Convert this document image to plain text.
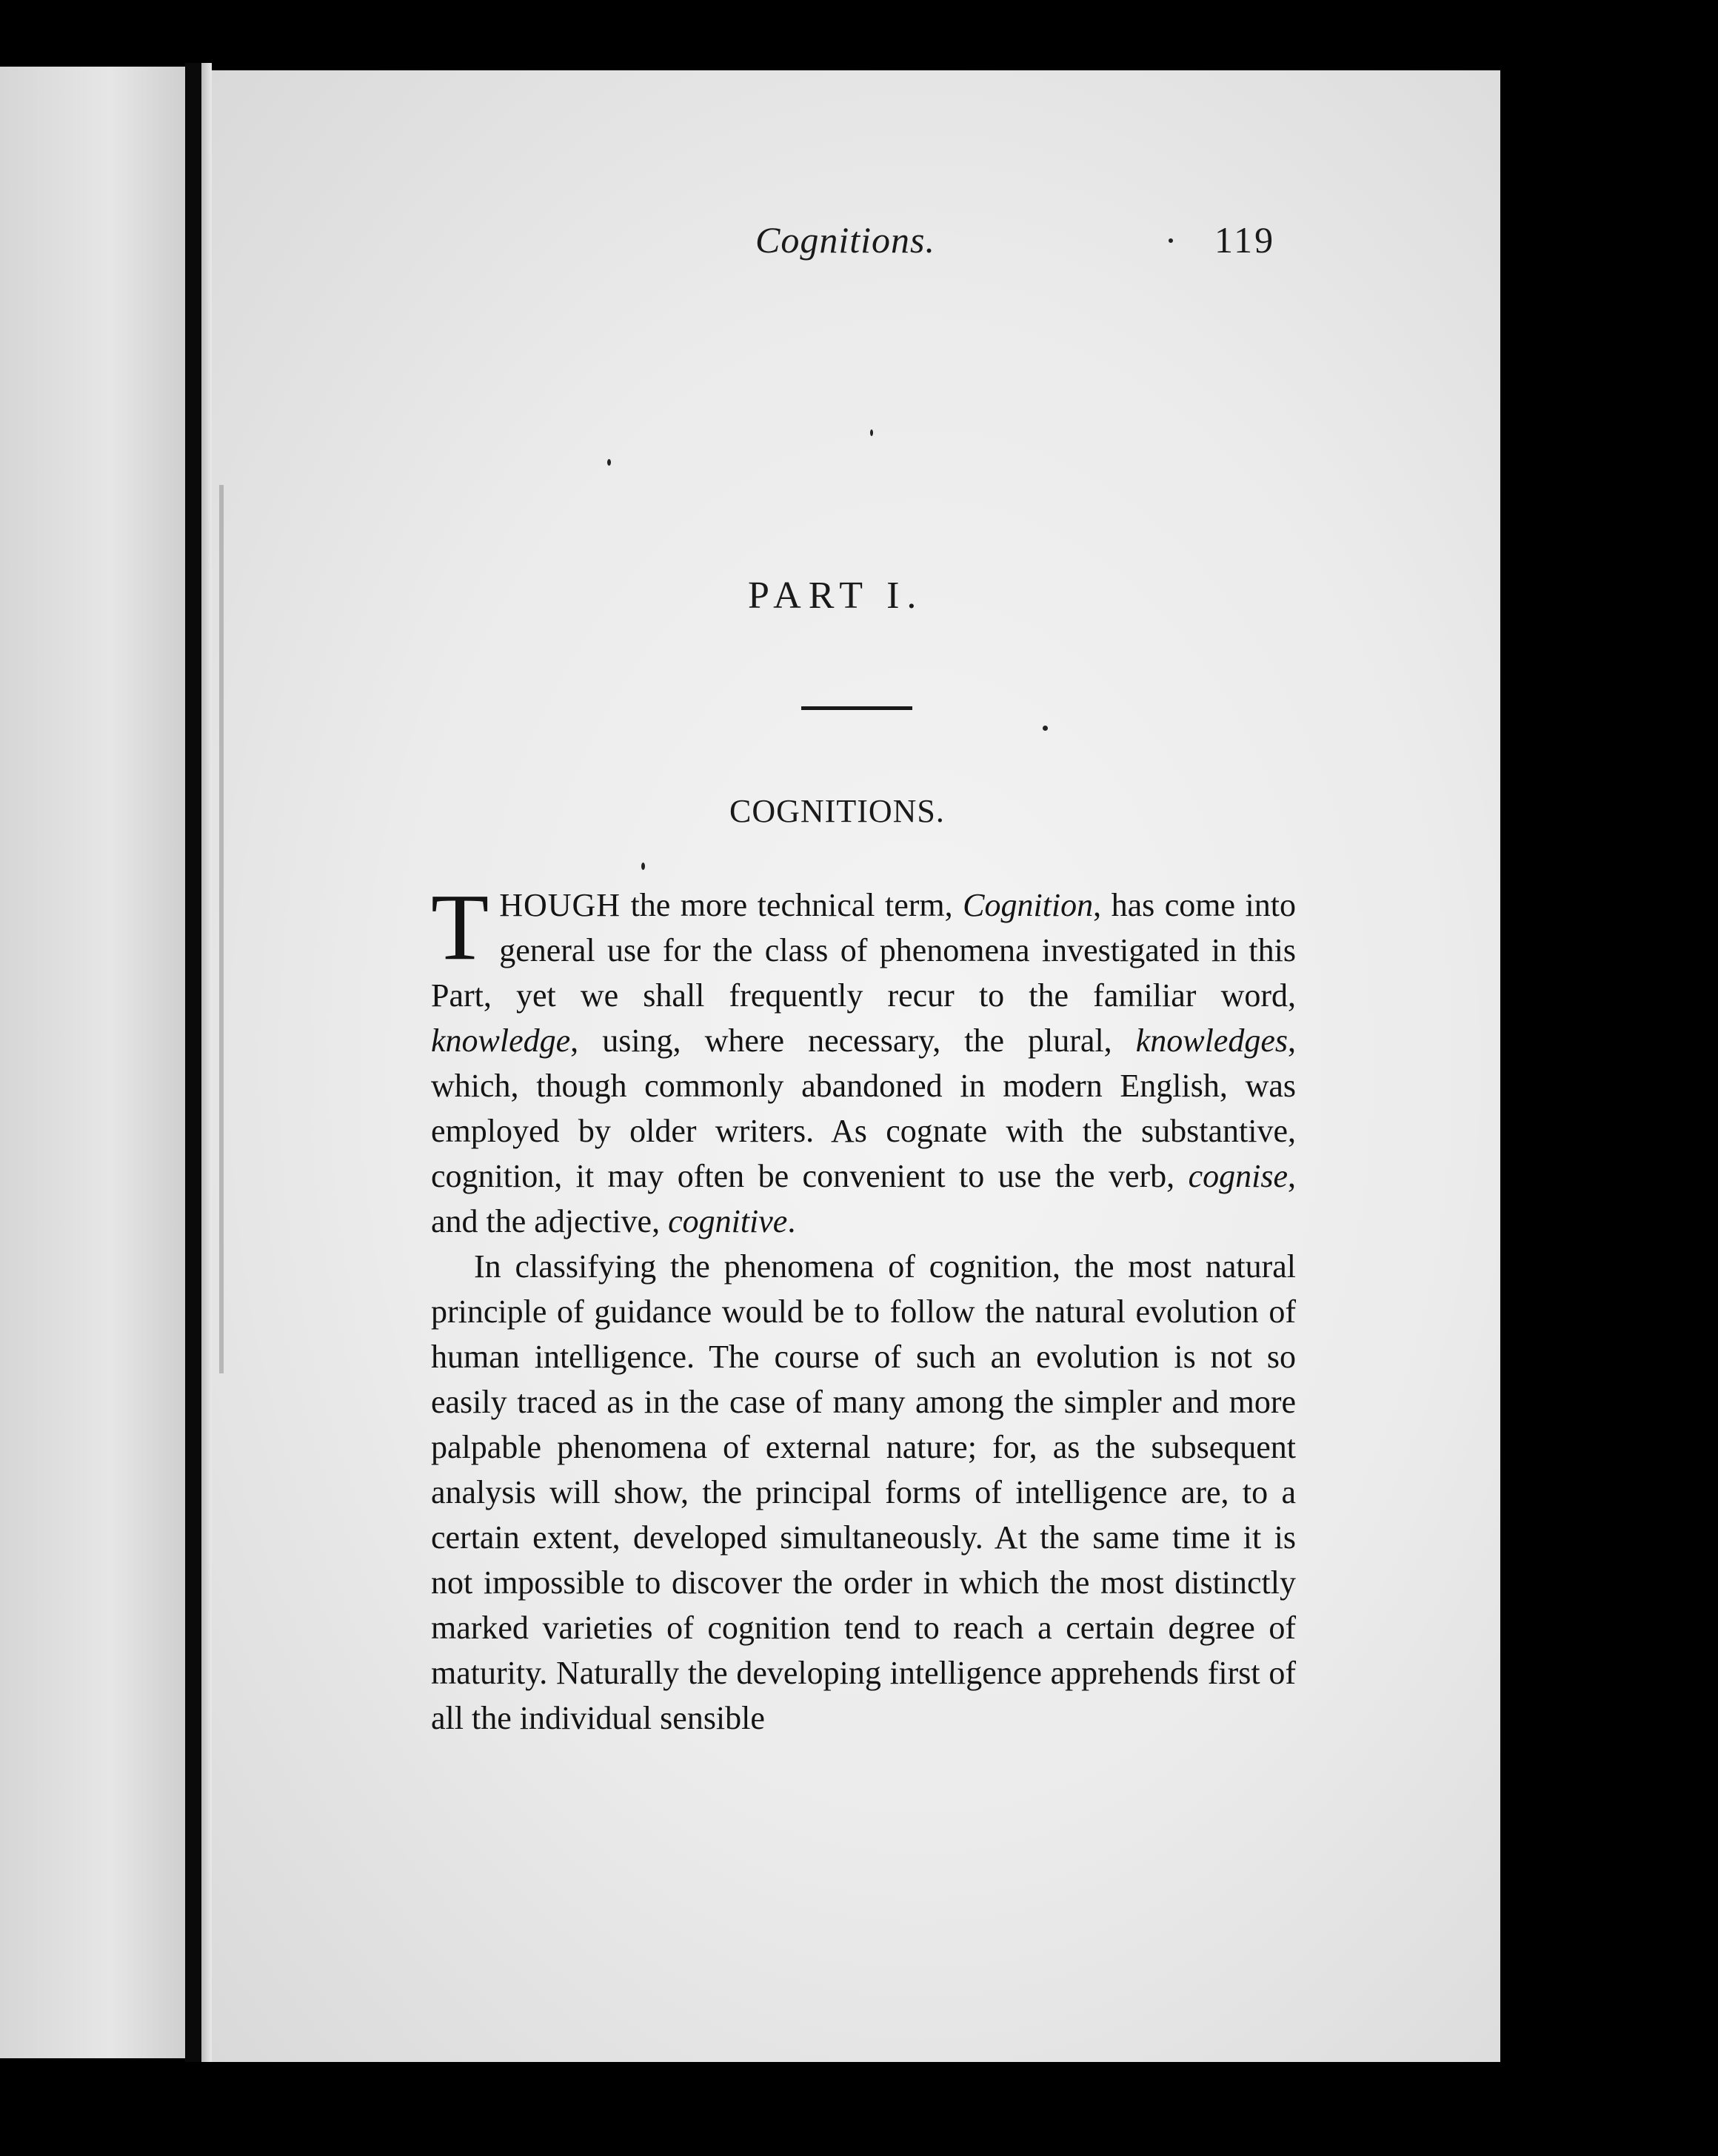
Cognitions.	119
PART I.
COGNITIONS.

THOUGH the more technical term, Cognition, has come into general use for the class of phenomena investigated in this Part, yet we shall frequently recur to the familiar word, knowledge, using, where necessary, the plural, knowledges, which, though commonly abandoned in modern English, was employed by older writers. As cognate with the substantive, cognition, it may often be convenient to use the verb, cognise, and the adjective, cognitive.

In classifying the phenomena of cognition, the most natural principle of guidance would be to follow the natural evolution of human intelligence. The course of such an evolution is not so easily traced as in the case of many among the simpler and more palpable phenomena of external nature; for, as the subsequent analysis will show, the principal forms of intelligence are, to a certain extent, developed simultaneously. At the same time it is not impossible to discover the order in which the most distinctly marked varieties of cognition tend to reach a certain degree of maturity. Naturally the developing intelligence apprehends first of all the individual sensible
